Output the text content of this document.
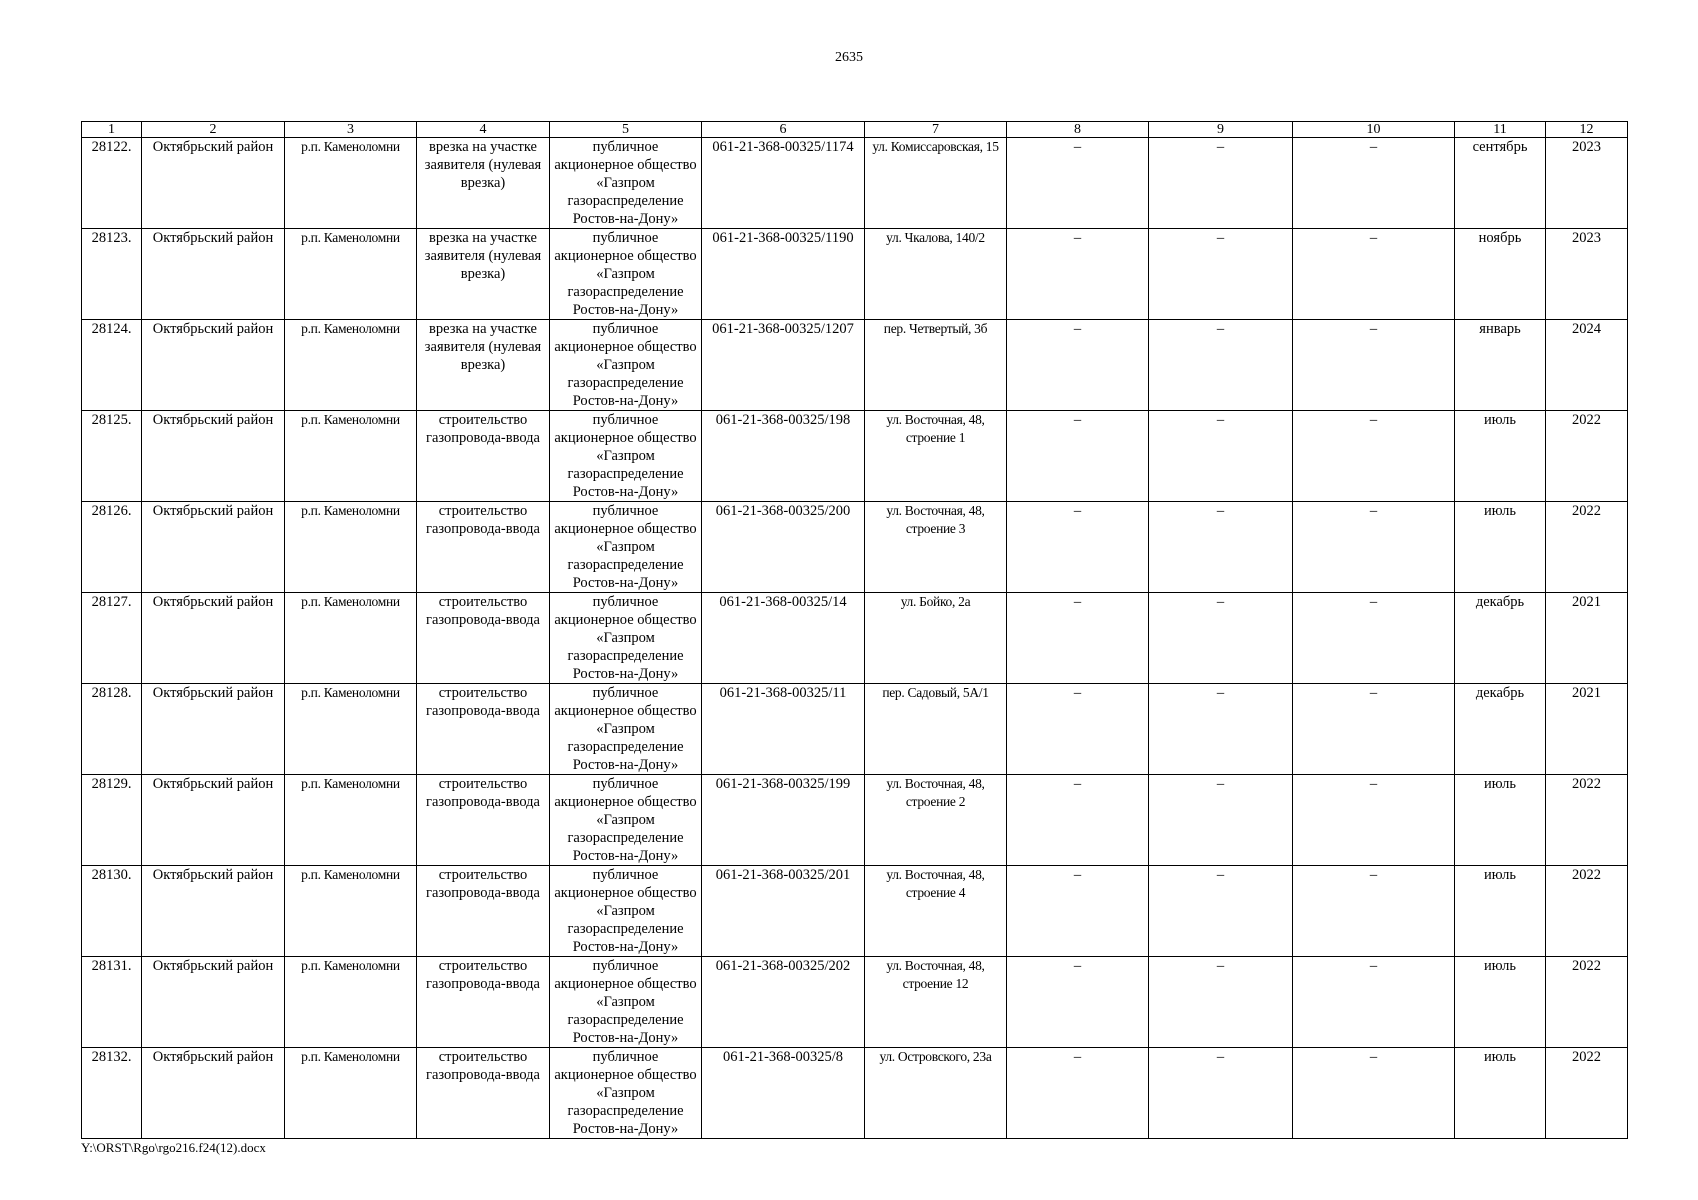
2635
1	2	3	4	5	6	7	8	9	10	11	12
28122.	Октябрьский район	р.п. Каменоломни	врезка на участке заявителя (нулевая врезка)	публичное акционерное общество «Газпром газораспределение Ростов-на-Дону»	061-21-368-00325/1174	ул. Комиссаровская, 15	–	–	–	сентябрь	2023
28123.	Октябрьский район	р.п. Каменоломни	врезка на участке заявителя (нулевая врезка)	публичное акционерное общество «Газпром газораспределение Ростов-на-Дону»	061-21-368-00325/1190	ул. Чкалова, 140/2	–	–	–	ноябрь	2023
28124.	Октябрьский район	р.п. Каменоломни	врезка на участке заявителя (нулевая врезка)	публичное акционерное общество «Газпром газораспределение Ростов-на-Дону»	061-21-368-00325/1207	пер. Четвертый, 3б	–	–	–	январь	2024
28125.	Октябрьский район	р.п. Каменоломни	строительство газопровода-ввода	публичное акционерное общество «Газпром газораспределение Ростов-на-Дону»	061-21-368-00325/198	ул. Восточная, 48, строение 1	–	–	–	июль	2022
28126.	Октябрьский район	р.п. Каменоломни	строительство газопровода-ввода	публичное акционерное общество «Газпром газораспределение Ростов-на-Дону»	061-21-368-00325/200	ул. Восточная, 48, строение 3	–	–	–	июль	2022
28127.	Октябрьский район	р.п. Каменоломни	строительство газопровода-ввода	публичное акционерное общество «Газпром газораспределение Ростов-на-Дону»	061-21-368-00325/14	ул. Бойко, 2а	–	–	–	декабрь	2021
28128.	Октябрьский район	р.п. Каменоломни	строительство газопровода-ввода	публичное акционерное общество «Газпром газораспределение Ростов-на-Дону»	061-21-368-00325/11	пер. Садовый, 5А/1	–	–	–	декабрь	2021
28129.	Октябрьский район	р.п. Каменоломни	строительство газопровода-ввода	публичное акционерное общество «Газпром газораспределение Ростов-на-Дону»	061-21-368-00325/199	ул. Восточная, 48, строение 2	–	–	–	июль	2022
28130.	Октябрьский район	р.п. Каменоломни	строительство газопровода-ввода	публичное акционерное общество «Газпром газораспределение Ростов-на-Дону»	061-21-368-00325/201	ул. Восточная, 48, строение 4	–	–	–	июль	2022
28131.	Октябрьский район	р.п. Каменоломни	строительство газопровода-ввода	публичное акционерное общество «Газпром газораспределение Ростов-на-Дону»	061-21-368-00325/202	ул. Восточная, 48, строение 12	–	–	–	июль	2022
28132.	Октябрьский район	р.п. Каменоломни	строительство газопровода-ввода	публичное акционерное общество «Газпром газораспределение Ростов-на-Дону»	061-21-368-00325/8	ул. Островского, 23а	–	–	–	июль	2022
Y:\ORST\Rgo\rgo216.f24(12).docx
